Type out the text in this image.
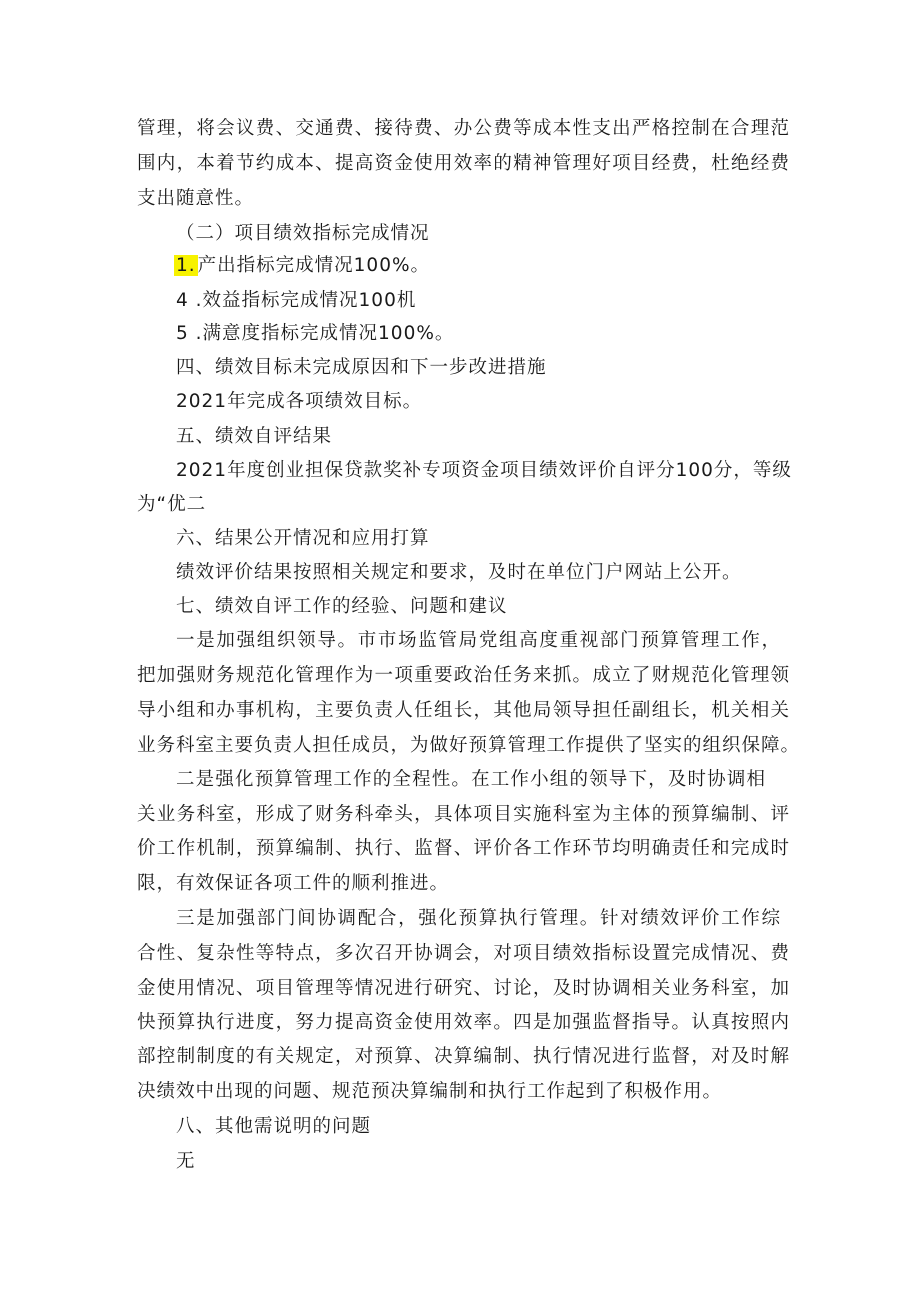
管理，将会议费、交通费、接待费、办公费等成本性支出严格控制在合理范
围内，本着节约成本、提高资金使用效率的精神管理好项目经费，杜绝经费
支出随意性。
（二）项目绩效指标完成情况
1. 产出指标完成情况100%。
4 .效益指标完成情况100机
5 .满意度指标完成情况100%。
四、绩效目标未完成原因和下一步改进措施
2021年完成各项绩效目标。
五、绩效自评结果
2021年度创业担保贷款奖补专项资金项目绩效评价自评分100分，等级
为“优二
六、结果公开情况和应用打算
绩效评价结果按照相关规定和要求，及时在单位门户网站上公开。
七、绩效自评工作的经验、问题和建议
一是加强组织领导。市市场监管局党组高度重视部门预算管理工作，
把加强财务规范化管理作为一项重要政治任务来抓。成立了财规范化管理领
导小组和办事机构，主要负责人任组长，其他局领导担任副组长，机关相关
业务科室主要负责人担任成员，为做好预算管理工作提供了坚实的组织保障。
二是强化预算管理工作的全程性。在工作小组的领导下，及时协调相
关业务科室，形成了财务科牵头，具体项目实施科室为主体的预算编制、评
价工作机制，预算编制、执行、监督、评价各工作环节均明确责任和完成时
限，有效保证各项工件的顺利推进。
三是加强部门间协调配合，强化预算执行管理。针对绩效评价工作综
合性、复杂性等特点，多次召开协调会，对项目绩效指标设置完成情况、费
金使用情况、项目管理等情况进行研究、讨论，及时协调相关业务科室，加
快预算执行进度，努力提高资金使用效率。四是加强监督指导。认真按照内
部控制制度的有关规定，对预算、决算编制、执行情况进行监督，对及时解
决绩效中出现的问题、规范预决算编制和执行工作起到了积极作用。
八、其他需说明的问题
无
